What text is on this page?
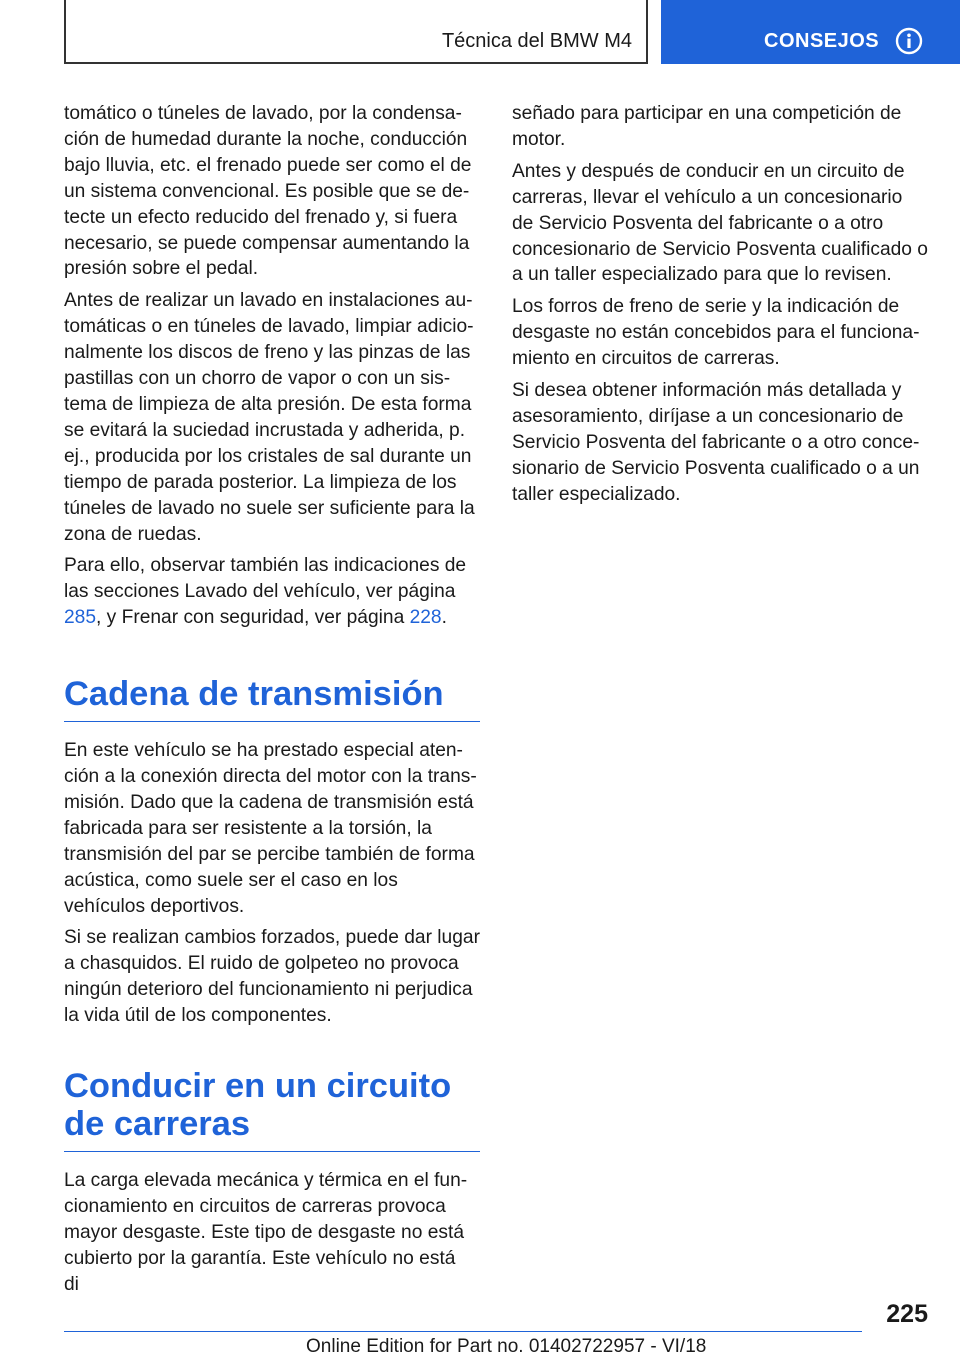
Técnica del BMW M4	CONSEJOS

tomático o túneles de lavado, por la condensación de humedad durante la noche, conducción bajo lluvia, etc. el frenado puede ser como el de un sistema convencional. Es posible que se detecte un efecto reducido del frenado y, si fuera necesario, se puede compensar aumentando la presión sobre el pedal.

Antes de realizar un lavado en instalaciones automáticas o en túneles de lavado, limpiar adicionalmente los discos de freno y las pinzas de las pastillas con un chorro de vapor o con un sistema de limpieza de alta presión. De esta forma se evitará la suciedad incrustada y adherida, p. ej., producida por los cristales de sal durante un tiempo de parada posterior. La limpieza de los túneles de lavado no suele ser suficiente para la zona de ruedas.

Para ello, observar también las indicaciones de las secciones Lavado del vehículo, ver página 285, y Frenar con seguridad, ver página 228.

Cadena de transmisión

En este vehículo se ha prestado especial atención a la conexión directa del motor con la transmisión. Dado que la cadena de transmisión está fabricada para ser resistente a la torsión, la transmisión del par se percibe también de forma acústica, como suele ser el caso en los vehículos deportivos.

Si se realizan cambios forzados, puede dar lugar a chasquidos. El ruido de golpeteo no provoca ningún deterioro del funcionamiento ni perjudica la vida útil de los componentes.

Conducir en un circuito de carreras

La carga elevada mecánica y térmica en el funcionamiento en circuitos de carreras provoca mayor desgaste. Este tipo de desgaste no está cubierto por la garantía. Este vehículo no está di

señado para participar en una competición de motor.

Antes y después de conducir en un circuito de carreras, llevar el vehículo a un concesionario de Servicio Posventa del fabricante o a otro concesionario de Servicio Posventa cualificado o a un taller especializado para que lo revisen.

Los forros de freno de serie y la indicación de desgaste no están concebidos para el funcionamiento en circuitos de carreras.

Si desea obtener información más detallada y asesoramiento, diríjase a un concesionario de Servicio Posventa del fabricante o a otro concesionario de Servicio Posventa cualificado o a un taller especializado.

225
Online Edition for Part no. 01402722957 - VI/18
